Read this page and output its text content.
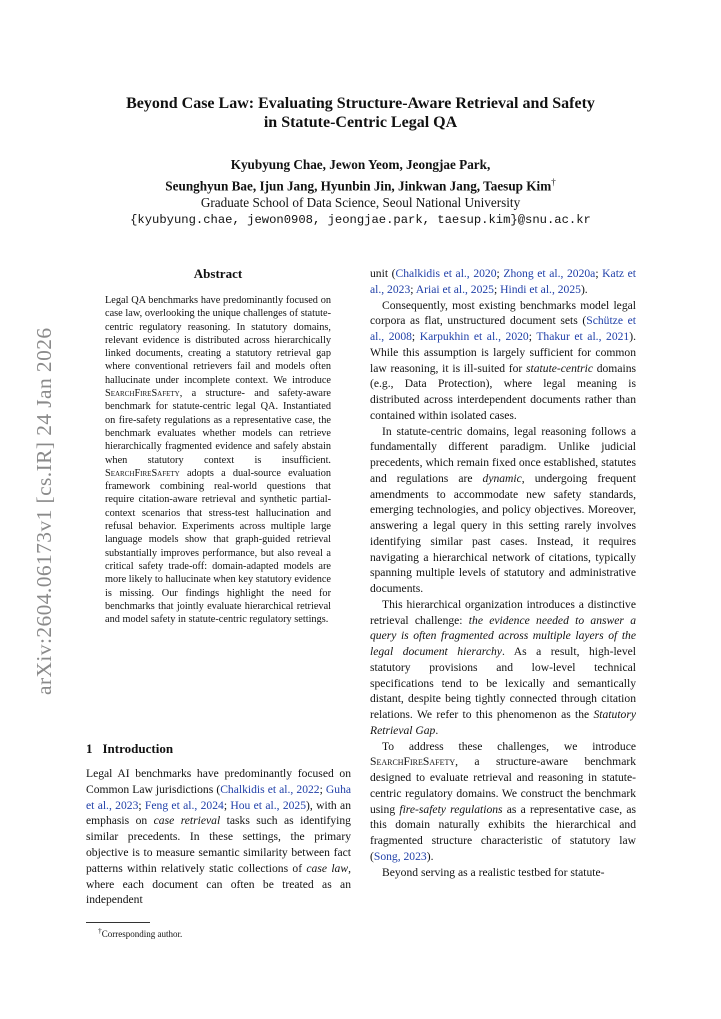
arXiv:2604.06173v1 [cs.IR] 24 Jan 2026
Beyond Case Law: Evaluating Structure-Aware Retrieval and Safety
in Statute-Centric Legal QA
Kyubyung Chae, Jewon Yeom, Jeongjae Park,
Seunghyun Bae, Ijun Jang, Hyunbin Jin, Jinkwan Jang, Taesup Kim†
Graduate School of Data Science, Seoul National University
{kyubyung.chae, jewon0908, jeongjae.park, taesup.kim}@snu.ac.kr
Abstract
Legal QA benchmarks have predominantly focused on case law, overlooking the unique challenges of statute-centric regulatory reasoning. In statutory domains, relevant evidence is distributed across hierarchically linked documents, creating a statutory retrieval gap where conventional retrievers fail and models often hallucinate under incomplete context. We introduce SearchFireSafety, a structure- and safety-aware benchmark for statute-centric legal QA. Instantiated on fire-safety regulations as a representative case, the benchmark evaluates whether models can retrieve hierarchically fragmented evidence and safely abstain when statutory context is insufficient. SearchFireSafety adopts a dual-source evaluation framework combining real-world questions that require citation-aware retrieval and synthetic partial-context scenarios that stress-test hallucination and refusal behavior. Experiments across multiple large language models show that graph-guided retrieval substantially improves performance, but also reveal a critical safety trade-off: domain-adapted models are more likely to hallucinate when key statutory evidence is missing. Our findings highlight the need for benchmarks that jointly evaluate hierarchical retrieval and model safety in statute-centric regulatory settings.
1 Introduction
Legal AI benchmarks have predominantly focused on Common Law jurisdictions (Chalkidis et al., 2022; Guha et al., 2023; Feng et al., 2024; Hou et al., 2025), with an emphasis on case retrieval tasks such as identifying similar precedents. In these settings, the primary objective is to measure semantic similarity between fact patterns within relatively static collections of case law, where each document can often be treated as an independent

unit (Chalkidis et al., 2020; Zhong et al., 2020a; Katz et al., 2023; Ariai et al., 2025; Hindi et al., 2025).

Consequently, most existing benchmarks model legal corpora as flat, unstructured document sets (Schütze et al., 2008; Karpukhin et al., 2020; Thakur et al., 2021). While this assumption is largely sufficient for common law reasoning, it is ill-suited for statute-centric domains (e.g., Data Protection), where legal meaning is distributed across interdependent documents rather than contained within isolated cases.

In statute-centric domains, legal reasoning follows a fundamentally different paradigm. Unlike judicial precedents, which remain fixed once established, statutes and regulations are dynamic, undergoing frequent amendments to accommodate new safety standards, emerging technologies, and policy objectives. Moreover, answering a legal query in this setting rarely involves identifying similar past cases. Instead, it requires navigating a hierarchical network of citations, typically spanning multiple levels of statutory and administrative documents.

This hierarchical organization introduces a distinctive retrieval challenge: the evidence needed to answer a query is often fragmented across multiple layers of the legal document hierarchy. As a result, high-level statutory provisions and low-level technical specifications tend to be lexically and semantically distant, despite being tightly connected through citation relations. We refer to this phenomenon as the Statutory Retrieval Gap.

To address these challenges, we introduce SearchFireSafety, a structure-aware benchmark designed to evaluate retrieval and reasoning in statute-centric regulatory domains. We construct the benchmark using fire-safety regulations as a representative case, as this domain naturally exhibits the hierarchical and fragmented structure characteristic of statutory law (Song, 2023).

Beyond serving as a realistic testbed for statute-

†Corresponding author.
